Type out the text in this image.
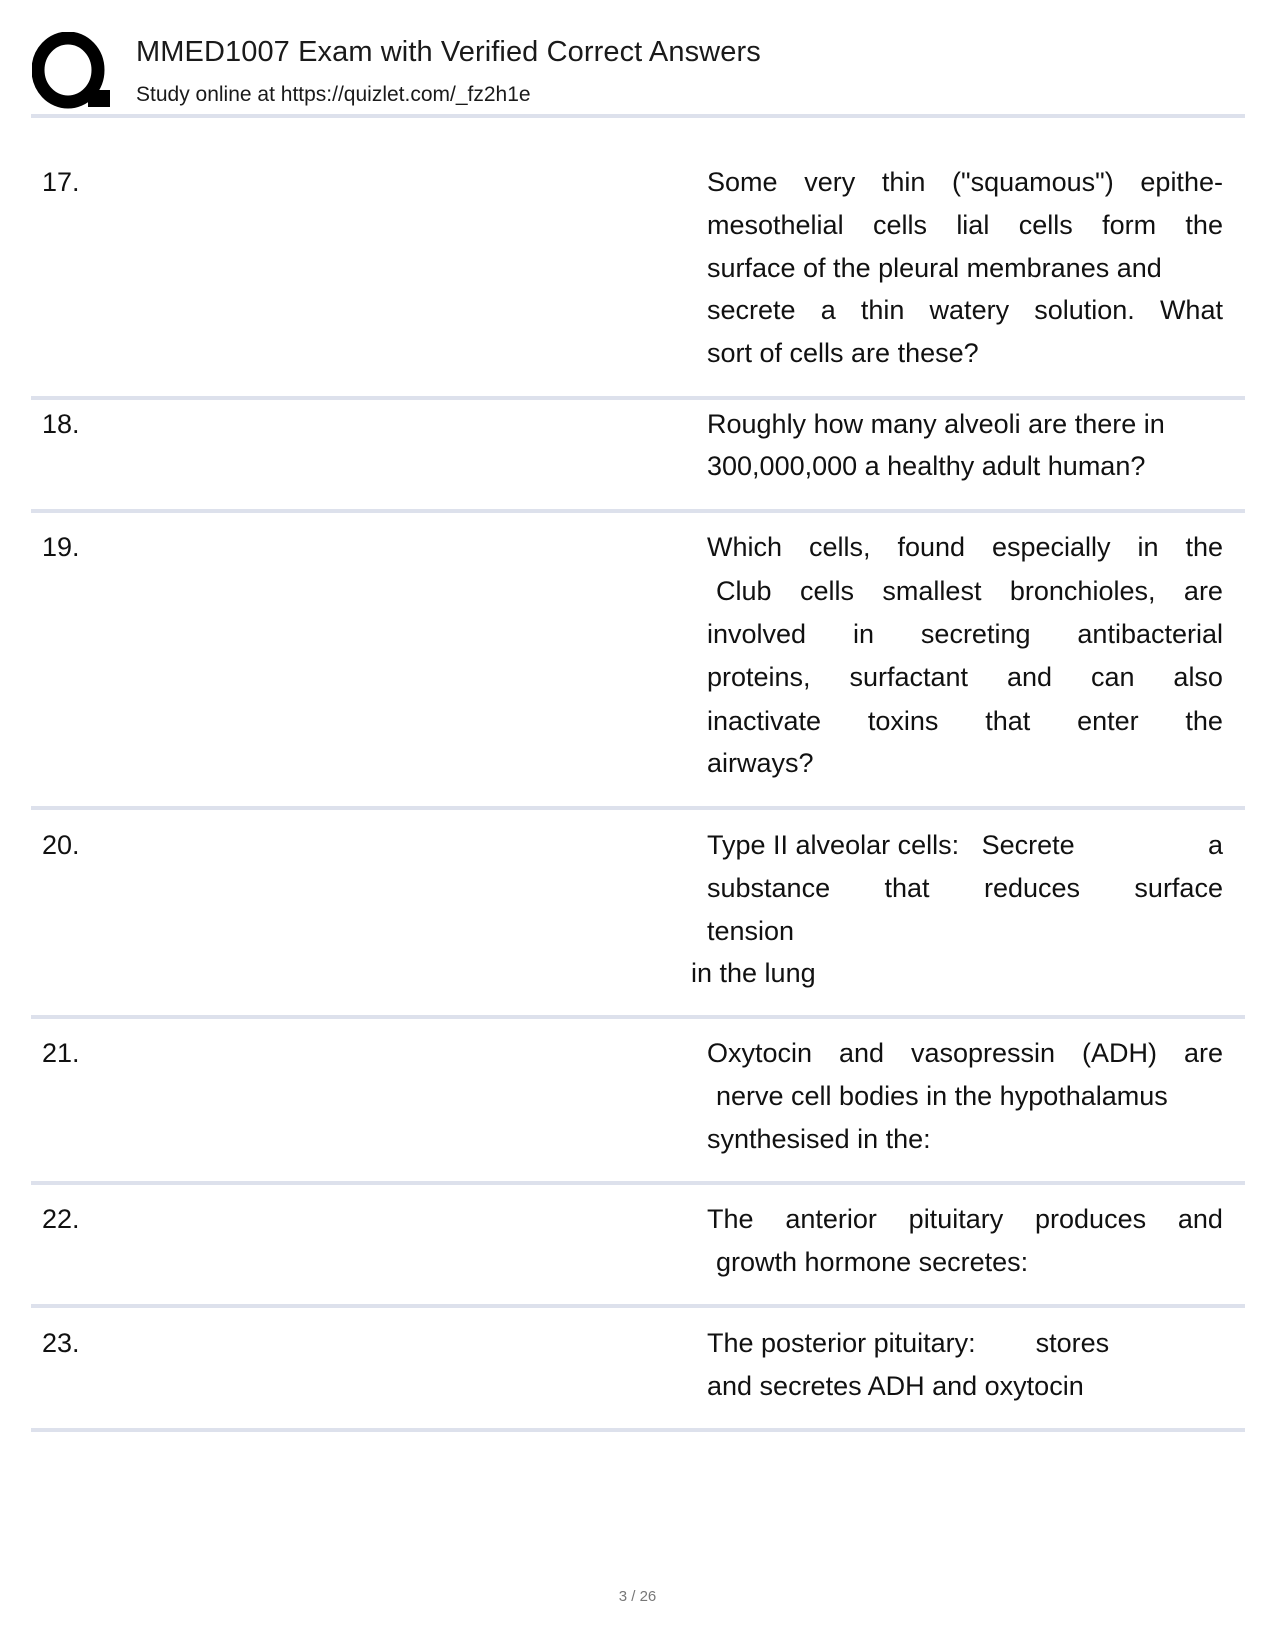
MMED1007 Exam with Verified Correct Answers
Study online at https://quizlet.com/_fz2h1e
17.	Some very thin ("squamous") epithe-
mesothelial cells lial cells form the
surface of the pleural membranes and
secrete a thin watery solution. What
sort of cells are these?
18.	Roughly how many alveoli are there in
300,000,000 a healthy adult human?
19.	Which cells, found especially in the
Club cells smallest bronchioles, are
involved in secreting antibacterial
proteins, surfactant and can also
inactivate toxins that enter the
airways?
20.	Type II alveolar cells:   Secrete	a
substance that reduces surface
tension
in the lung
21.	Oxytocin and vasopressin (ADH) are
nerve cell bodies in the hypothalamus
synthesised in the:
22.	The anterior pituitary produces and
growth hormone secretes:
23.	The posterior pituitary:        stores
and secretes ADH and oxytocin
3 / 26
